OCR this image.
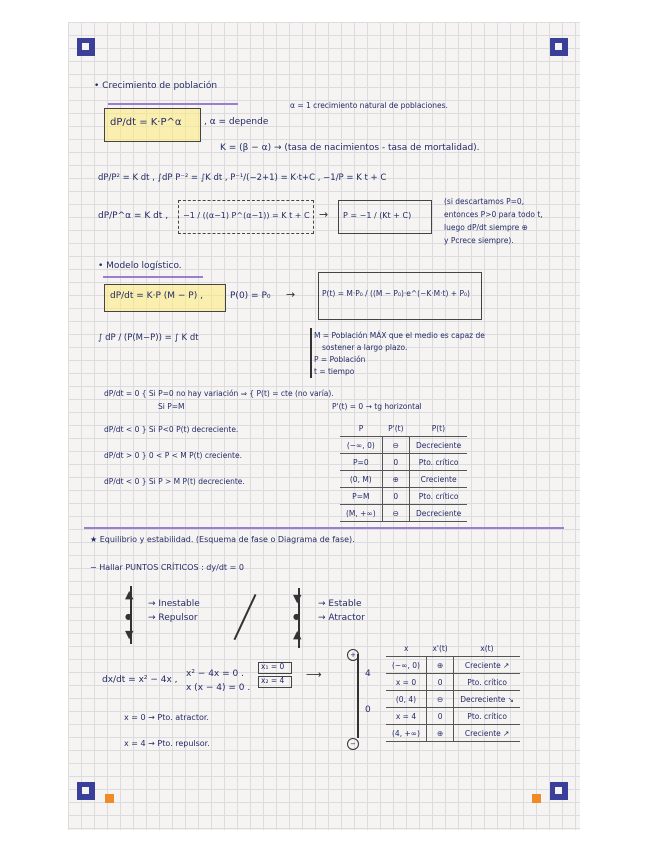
• Crecimiento de población
dP/dt = K·P^α	, α = depende
α = 1 crecimiento natural de poblaciones.
K = (β − α) → (tasa de nacimientos - tasa de mortalidad).
dP/P² = K dt , ∫dP P⁻² = ∫K dt , P⁻¹/(−2+1) = K·t+C , −1/P = K t + C
dP/P^α = K dt , −1 / ((α−1) P^(α−1)) = K t + C → P = −1 / (Kt + C)
(si descartamos P=0,
entonces P>0 para todo t,
luego dP/dt siempre ⊕
y Pcrece siempre).
• Modelo logístico.
dP/dt = K·P (M − P) ,	P(0) = P₀ →	P(t) = M·P₀ / ((M − P₀)·e^(−K·M·t) + P₀)
∫ dP / (P(M−P)) = ∫ K dt	M = Población MÁX que el medio es capaz de
sostener a largo plazo.
P = Población
t = tiempo
dP/dt = 0 { Si P=0 no hay variación ⇒ { P(t) = cte (no varía).
Si P=M	P'(t) = 0 → tg horizontal
dP/dt < 0 } Si P<0 P(t) decreciente.
dP/dt > 0 } 0 < P < M P(t) creciente.
dP/dt < 0 } Si P > M P(t) decreciente.
P	P'(t)	P(t)
(−∞, 0)	⊖	Decreciente
P=0	0	Pto. crítico
(0, M)	⊕	Creciente
P=M	0	Pto. crítico
(M, +∞)	⊖	Decreciente
★ Equilibrio y estabilidad. (Esquema de fase o Diagrama de fase).
− Hallar PUNTOS CRÍTICOS : dy/dt = 0
▲
●
▼
→ Inestable
→ Repulsor
▼
●
▲
→ Estable
→ Atractor
dx/dt = x² − 4x ,
x² − 4x = 0 .
x (x − 4) = 0 .
x₁ = 0
x₂ = 4 ⟶
+
−
4
0
x = 0 → Pto. atractor.
x = 4 → Pto. repulsor.
x	x'(t)	x(t)
(−∞, 0)	⊕	Creciente ↗
x = 0	0	Pto. crítico
(0, 4)	⊖	Decreciente ↘
x = 4	0	Pto. crítico
(4, +∞)	⊕	Creciente ↗
